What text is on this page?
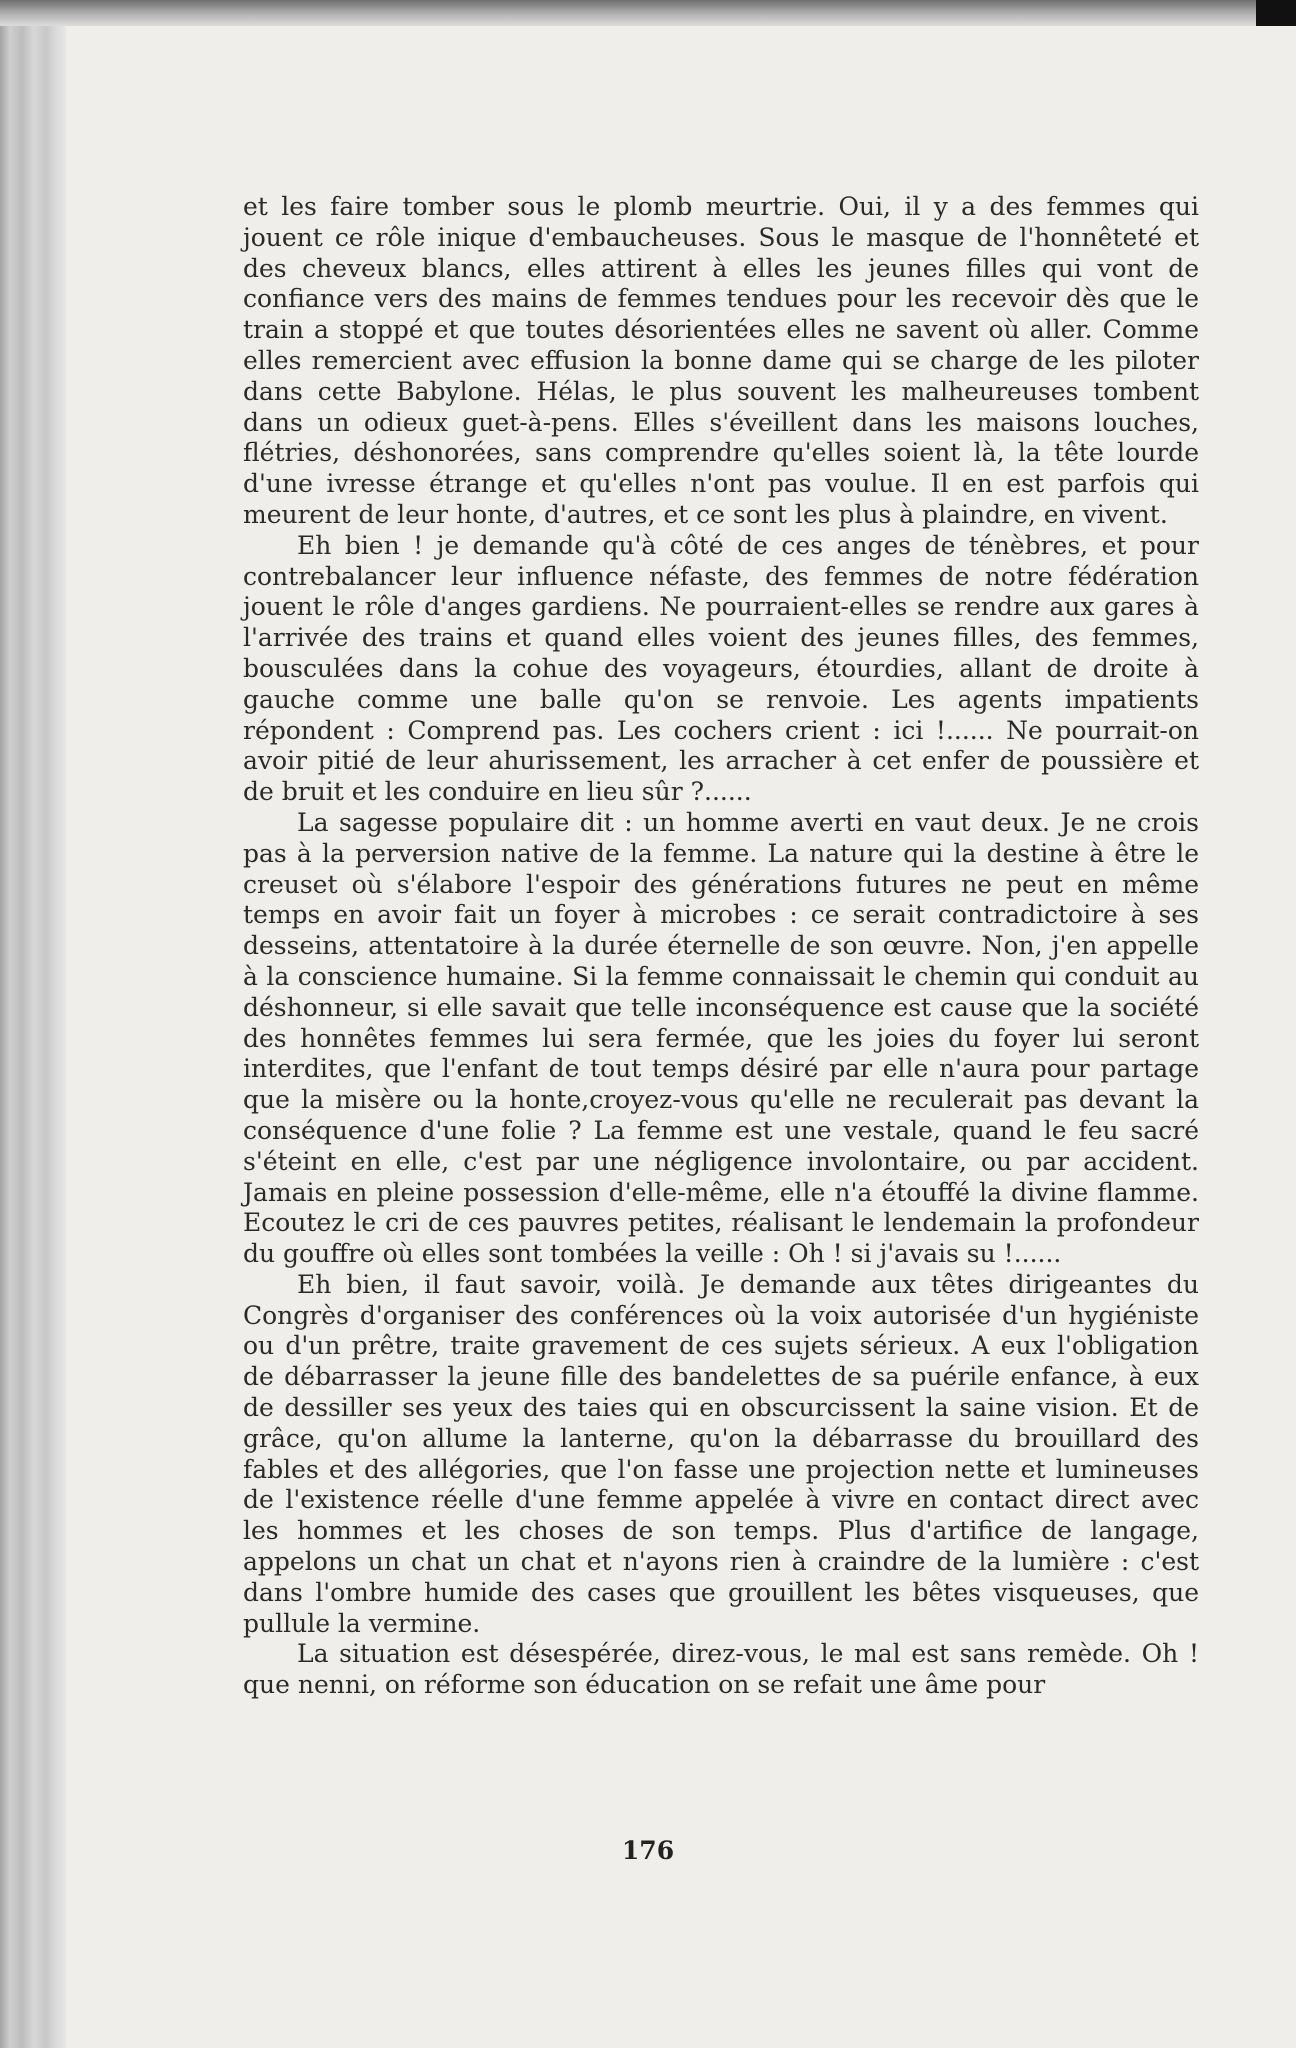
et les faire tomber sous le plomb meurtrie. Oui, il y a des femmes qui jouent ce rôle inique d'embaucheuses. Sous le masque de l'honnêteté et des cheveux blancs, elles attirent à elles les jeunes filles qui vont de confiance vers des mains de femmes tendues pour les recevoir dès que le train a stoppé et que toutes désorientées elles ne savent où aller. Comme elles remercient avec effusion la bonne dame qui se charge de les piloter dans cette Babylone. Hélas, le plus souvent les malheureuses tombent dans un odieux guet-à-pens. Elles s'éveillent dans les maisons louches, flétries, déshonorées, sans comprendre qu'elles soient là, la tête lourde d'une ivresse étrange et qu'elles n'ont pas voulue. Il en est parfois qui meurent de leur honte, d'autres, et ce sont les plus à plaindre, en vivent.

Eh bien ! je demande qu'à côté de ces anges de ténèbres, et pour contrebalancer leur influence néfaste, des femmes de notre fédération jouent le rôle d'anges gardiens. Ne pourraient-elles se rendre aux gares à l'arrivée des trains et quand elles voient des jeunes filles, des femmes, bousculées dans la cohue des voyageurs, étourdies, allant de droite à gauche comme une balle qu'on se renvoie. Les agents impatients répondent : Comprend pas. Les cochers crient : ici !...... Ne pourrait-on avoir pitié de leur ahurissement, les arracher à cet enfer de poussière et de bruit et les conduire en lieu sûr ?......

La sagesse populaire dit : un homme averti en vaut deux. Je ne crois pas à la perversion native de la femme. La nature qui la destine à être le creuset où s'élabore l'espoir des générations futures ne peut en même temps en avoir fait un foyer à microbes : ce serait contradictoire à ses desseins, attentatoire à la durée éternelle de son œuvre. Non, j'en appelle à la conscience humaine. Si la femme connaissait le chemin qui conduit au déshonneur, si elle savait que telle inconséquence est cause que la société des honnêtes femmes lui sera fermée, que les joies du foyer lui seront interdites, que l'enfant de tout temps désiré par elle n'aura pour partage que la misère ou la honte,croyez-vous qu'elle ne reculerait pas devant la conséquence d'une folie ? La femme est une vestale, quand le feu sacré s'éteint en elle, c'est par une négligence involontaire, ou par accident. Jamais en pleine possession d'elle-même, elle n'a étouffé la divine flamme. Ecoutez le cri de ces pauvres petites, réalisant le lendemain la profondeur du gouffre où elles sont tombées la veille : Oh ! si j'avais su !......

Eh bien, il faut savoir, voilà. Je demande aux têtes dirigeantes du Congrès d'organiser des conférences où la voix autorisée d'un hygiéniste ou d'un prêtre, traite gravement de ces sujets sérieux. A eux l'obligation de débarrasser la jeune fille des bandelettes de sa puérile enfance, à eux de dessiller ses yeux des taies qui en obscurcissent la saine vision. Et de grâce, qu'on allume la lanterne, qu'on la débarrasse du brouillard des fables et des allégories, que l'on fasse une projection nette et lumineuses de l'existence réelle d'une femme appelée à vivre en contact direct avec les hommes et les choses de son temps. Plus d'artifice de langage, appelons un chat un chat et n'ayons rien à craindre de la lumière : c'est dans l'ombre humide des cases que grouillent les bêtes visqueuses, que pullule la vermine.

La situation est désespérée, direz-vous, le mal est sans remède. Oh ! que nenni, on réforme son éducation on se refait une âme pour

176
